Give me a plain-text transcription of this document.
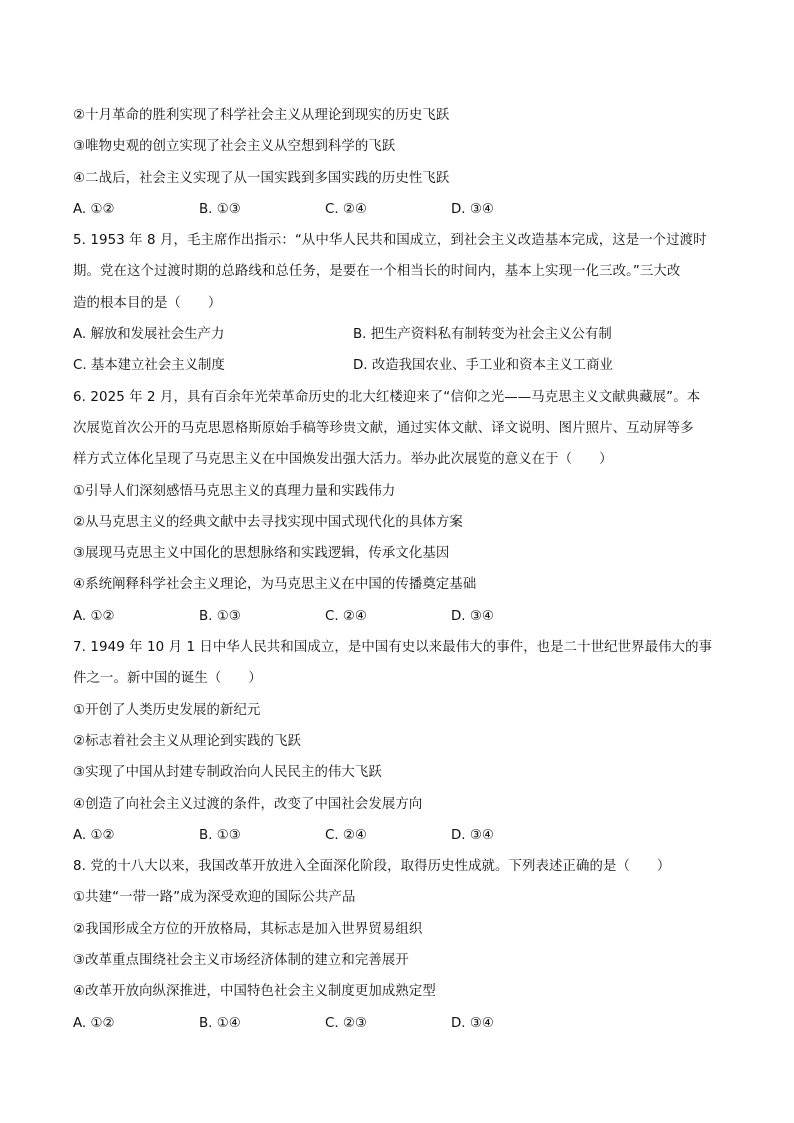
②十月革命的胜利实现了科学社会主义从理论到现实的历史飞跃
③唯物史观的创立实现了社会主义从空想到科学的飞跃
④二战后，社会主义实现了从一国实践到多国实践的历史性飞跃
A. ①②	B. ①③	C. ②④	D. ③④
5. 1953 年 8 月，毛主席作出指示：“从中华人民共和国成立，到社会主义改造基本完成，这是一个过渡时
期。党在这个过渡时期的总路线和总任务，是要在一个相当长的时间内，基本上实现一化三改。”三大改
造的根本目的是（　　）
A. 解放和发展社会生产力	B. 把生产资料私有制转变为社会主义公有制
C. 基本建立社会主义制度	D. 改造我国农业、手工业和资本主义工商业
6. 2025 年 2 月，具有百余年光荣革命历史的北大红楼迎来了“信仰之光——马克思主义文献典藏展”。本
次展览首次公开的马克思恩格斯原始手稿等珍贵文献，通过实体文献、译文说明、图片照片、互动屏等多
样方式立体化呈现了马克思主义在中国焕发出强大活力。举办此次展览的意义在于（　　）
①引导人们深刻感悟马克思主义的真理力量和实践伟力
②从马克思主义的经典文献中去寻找实现中国式现代化的具体方案
③展现马克思主义中国化的思想脉络和实践逻辑，传承文化基因
④系统阐释科学社会主义理论，为马克思主义在中国的传播奠定基础
A. ①②	B. ①③	C. ②④	D. ③④
7. 1949 年 10 月 1 日中华人民共和国成立，是中国有史以来最伟大的事件，也是二十世纪世界最伟大的事
件之一。新中国的诞生（　　）
①开创了人类历史发展的新纪元
②标志着社会主义从理论到实践的飞跃
③实现了中国从封建专制政治向人民民主的伟大飞跃
④创造了向社会主义过渡的条件，改变了中国社会发展方向
A. ①②	B. ①③	C. ②④	D. ③④
8. 党的十八大以来，我国改革开放进入全面深化阶段，取得历史性成就。下列表述正确的是（　　）
①共建“一带一路”成为深受欢迎的国际公共产品
②我国形成全方位的开放格局，其标志是加入世界贸易组织
③改革重点围绕社会主义市场经济体制的建立和完善展开
④改革开放向纵深推进，中国特色社会主义制度更加成熟定型
A. ①②	B. ①④	C. ②③	D. ③④
